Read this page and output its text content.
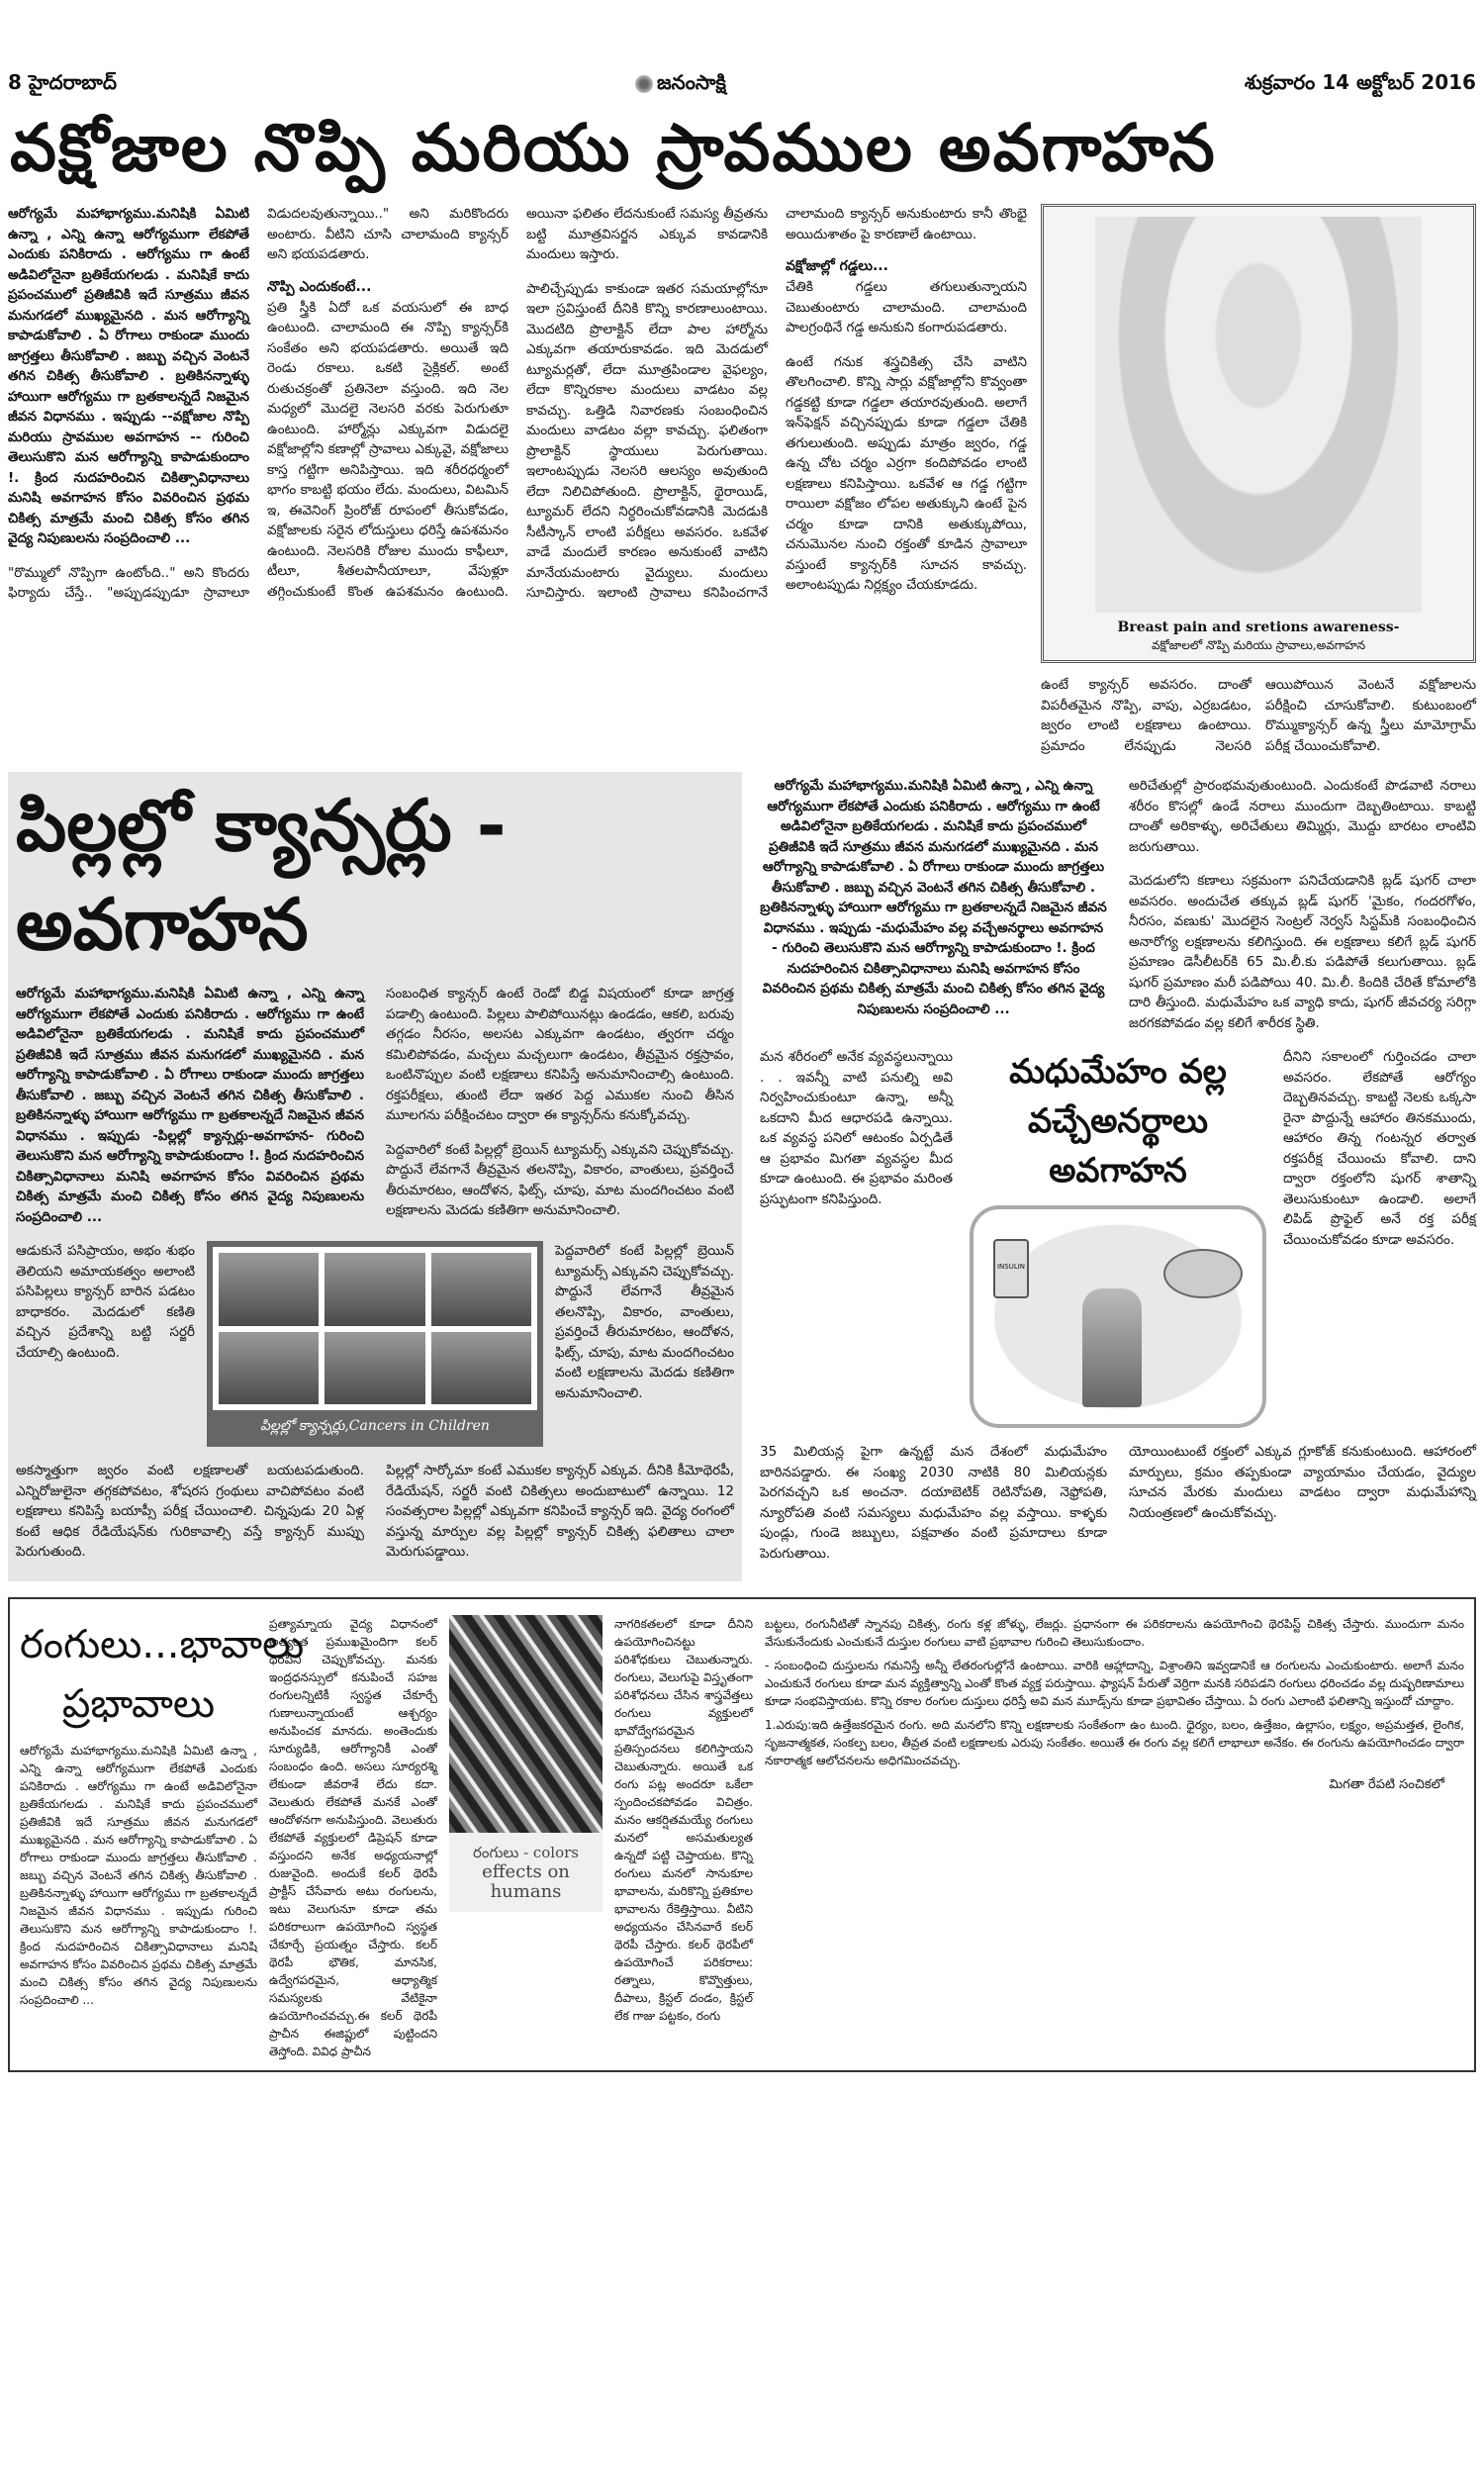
8 హైదరాబాద్	జనంసాక్షి	శుక్రవారం 14 అక్టోబర్ 2016
వక్షోజాల నొప్పి మరియు స్రావముల అవగాహన

ఆరోగ్యమే మహాభాగ్యము.మనిషికి ఏమిటి ఉన్నా , ఎన్ని ఉన్నా ఆరోగ్యముగా లేకపోతే ఎందుకు పనికిరాదు . ఆరోగ్యము గా ఉంటే అడివిలోనైనా బ్రతికేయగలడు . మనిషికే కాదు ప్రపంచములో ప్రతిజీవికి ఇదే సూత్రము జీవన మనుగడలో ముఖ్యమైనది . మన ఆరోగ్యాన్ని కాపాడుకోవాలి . ఏ రోగాలు రాకుండా ముందు జాగ్రత్తలు తీసుకోవాలి . జబ్బు వచ్చిన వెంటనే తగిన చికిత్స తీసుకోవాలి . బ్రతికినన్నాళ్ళు హాయిగా ఆరోగ్యము గా బ్రతకాలన్నదే నిజమైన జీవన విధానము . ఇప్పుడు --వక్షోజాల నొప్పి మరియు స్రావముల అవగాహన -- గురించి తెలుసుకొని మన ఆరోగ్యాన్ని కాపాడుకుందాం !. క్రింద నుదహరించిన చికిత్సావిధానాలు మనిషి అవగాహన కోసం వివరించిన ప్రథమ చికిత్స మాత్రమే మంచి చికిత్స కోసం తగిన వైద్య నిపుణులను సంప్రదించాలి ...

"రొమ్ములో నొప్పిగా ఉంటోంది.." అని కొందరు ఫిర్యాదు చేస్తే.. "అప్పుడప్పుడూ స్రావాలూ విడుదలవుతున్నాయి.." అని మరికొందరు అంటారు. వీటిని చూసి చాలామంది క్యాన్సర్ అని భయపడతారు.

నొప్పి ఎందుకంటే...

ప్రతి స్త్రీకి ఏదో ఒక వయసులో ఈ బాధ ఉంటుంది. చాలామంది ఈ నొప్పి క్యాన్సర్‌కి సంకేతం అని భయపడతారు. అయితే ఇది రెండు రకాలు. ఒకటి సైక్లికల్. అంటే రుతుచక్రంతో ప్రతినెలా వస్తుంది. ఇది నెల మధ్యలో మొదలై నెలసరి వరకు పెరుగుతూ ఉంటుంది. హార్మోన్లు ఎక్కువగా విడుదలై వక్షోజాల్లోని కణాల్లో స్రావాలు ఎక్కువై, వక్షోజాలు కాస్త గట్టిగా అనిపిస్తాయి. ఇది శరీరధర్మంలో భాగం కాబట్టి భయం లేదు. మందులు, విటమిన్ ఇ, ఈవెనింగ్ ప్రింరోజ్ రూపంలో తీసుకోవడం, వక్షోజాలకు సరైన లోదుస్తులు ధరిస్తే ఉపశమనం ఉంటుంది. నెలసరికి రోజుల ముందు కాఫీలూ, టీలూ, శీతలపానీయాలూ, వేపుళ్లూ తగ్గించుకుంటే కొంత ఉపశమనం ఉంటుంది. అయినా ఫలితం లేదనుకుంటే సమస్య తీవ్రతను బట్టి మూత్రవిసర్జన ఎక్కువ కావడానికి మందులు ఇస్తారు.

పాలిచ్చేప్పుడు కాకుండా ఇతర సమయాల్లోనూ ఇలా స్రవిస్తుంటే దీనికి కొన్ని కారణాలుంటాయి. మొదటిది ప్రొలాక్టిన్ లేదా పాల హార్మోను ఎక్కువగా తయారుకావడం. ఇది మెదడులో ట్యూమర్లతో, లేదా మూత్రపిండాల వైఫల్యం, లేదా కొన్నిరకాల మందులు వాడటం వల్ల కావచ్చు. ఒత్తిడి నివారణకు సంబంధించిన మందులు వాడటం వల్లా కావచ్చు. ఫలితంగా ప్రొలాక్టిన్ స్థాయులు పెరుగుతాయి. ఇలాంటప్పుడు నెలసరి ఆలస్యం అవుతుంది లేదా నిలిచిపోతుంది. ప్రొలాక్టిన్, థైరాయిడ్, ట్యూమర్ లేదని నిర్ధరించుకోవడానికి మెదడుకి సీటీస్కాన్ లాంటి పరీక్షలు అవసరం. ఒకవేళ వాడే మందులే కారణం అనుకుంటే వాటిని మానేయమంటారు వైద్యులు. మందులు సూచిస్తారు. ఇలాంటి స్రావాలు కనిపించగానే చాలామంది క్యాన్సర్ అనుకుంటారు కానీ తొంభై అయిదుశాతం పై కారణాలే ఉంటాయి.

వక్షోజాల్లో గడ్డలు...

చేతికి గడ్డలు తగులుతున్నాయని చెబుతుంటారు చాలామంది. చాలామంది పాలగ్రంథినే గడ్డ అనుకుని కంగారుపడతారు.

ఉంటే గనుక శస్త్రచికిత్స చేసి వాటిని తొలగించాలి. కొన్ని సార్లు వక్షోజాల్లోని కొవ్వంతా గడ్డకట్టి కూడా గడ్డలా తయారవుతుంది. అలాగే ఇన్‌ఫెక్షన్ వచ్చినప్పుడు కూడా గడ్డలా చేతికి తగులుతుంది. అప్పుడు మాత్రం జ్వరం, గడ్డ ఉన్న చోట చర్మం ఎర్రగా కందిపోవడం లాంటి లక్షణాలు కనిపిస్తాయి. ఒకవేళ ఆ గడ్డ గట్టిగా రాయిలా వక్షోజం లోపల అతుక్కుని ఉంటే పైన చర్మం కూడా దానికి అతుక్కుపోయి, చనుమొనల నుంచి రక్తంతో కూడిన స్రావాలూ వస్తుంటే క్యాన్సర్‌కి సూచన కావచ్చు. అలాంటప్పుడు నిర్లక్ష్యం చేయకూడదు.

Breast pain and sretions awareness-
వక్షోజాలలో నొప్పి మరియు స్రావాలు,అవగాహన

ఉంటే క్యాన్సర్‌ అవసరం. దాంతో విపరీతమైన నొప్పి, వాపు, ఎర్రబడటం, జ్వరం లాంటి లక్షణాలు ఉంటాయి. ప్రమాదం లేనప్పుడు నెలసరి ఆయిపోయిన వెంటనే వక్షోజాలను పరీక్షించి చూసుకోవాలి. కుటుంబంలో రొమ్ముక్యాన్సర్ ఉన్న స్త్రీలు మామోగ్రామ్ పరీక్ష చేయించుకోవాలి.

పిల్లల్లో క్యాన్సర్లు - అవగాహన

ఆరోగ్యమే మహాభాగ్యము.మనిషికి ఏమిటి ఉన్నా , ఎన్ని ఉన్నా ఆరోగ్యముగా లేకపోతే ఎందుకు పనికిరాదు . ఆరోగ్యము గా ఉంటే అడివిలోనైనా బ్రతికేయగలడు . మనిషికే కాదు ప్రపంచములో ప్రతిజీవికి ఇదే సూత్రము జీవన మనుగడలో ముఖ్యమైనది . మన ఆరోగ్యాన్ని కాపాడుకోవాలి . ఏ రోగాలు రాకుండా ముందు జాగ్రత్తలు తీసుకోవాలి . జబ్బు వచ్చిన వెంటనే తగిన చికిత్స తీసుకోవాలి . బ్రతికినన్నాళ్ళు హాయిగా ఆరోగ్యము గా బ్రతకాలన్నదే నిజమైన జీవన విధానము . ఇప్పుడు -పిల్లల్లో క్యాన్సర్లు-అవగాహన- గురించి తెలుసుకొని మన ఆరోగ్యాన్ని కాపాడుకుందాం !. క్రింద నుదహరించిన చికిత్సావిధానాలు మనిషి అవగాహన కోసం వివరించిన ప్రథమ చికిత్స మాత్రమే మంచి చికిత్స కోసం తగిన వైద్య నిపుణులను సంప్రదించాలి ...

సంబంధిత క్యాన్సర్ ఉంటే రెండో బిడ్డ విషయంలో కూడా జాగ్రత్త పడాల్సి ఉంటుంది. పిల్లలు పాలిపోయినట్లు ఉండడం, ఆకలి, బరువు తగ్గడం నీరసం, అలసట ఎక్కువగా ఉండటం, త్వరగా చర్మం కమిలిపోవడం, మచ్చలు మచ్చలుగా ఉండటం, తీవ్రమైన రక్తస్రావం, ఒంటినొప్పుల వంటి లక్షణాలు కనిపిస్తే అనుమానించాల్సి ఉంటుంది. రక్తపరీక్షలు, తుంటి లేదా ఇతర పెద్ద ఎముకల నుంచి తీసిన మూలగను పరీక్షించటం ద్వారా ఈ క్యాన్సర్‌ను కనుక్కోవచ్చు.

పెద్దవారిలో కంటే పిల్లల్లో బ్రెయిన్ ట్యూమర్స్ ఎక్కువని చెప్పుకోవచ్చు. పొద్దునే లేవగానే తీవ్రమైన తలనొప్పి, వికారం, వాంతులు, ప్రవర్తించే తీరుమారటం, ఆందోళన, ఫిట్స్, చూపు, మాట మందగించటం వంటి లక్షణాలను మెదడు కణితిగా అనుమానించాలి.

ఆడుకునే పసిప్రాయం, అభం శుభం తెలియని అమాయకత్వం అలాంటి పసిపిల్లలు క్యాన్సర్ బారిన పడటం బాధాకరం. మెదడులో కణితి వచ్చిన ప్రదేశాన్ని బట్టి సర్జరీ చేయాల్సి ఉంటుంది.

పిల్లల్లో క్యాన్సర్లు,Cancers in Children

పెద్దవారిలో కంటే పిల్లల్లో బ్రెయిన్ ట్యూమర్స్ ఎక్కువని చెప్పుకోవచ్చు. పొద్దునే లేవగానే తీవ్రమైన తలనొప్పి, వికారం, వాంతులు, ప్రవర్తించే తీరుమారటం, ఆందోళన, ఫిట్స్, చూపు, మాట మందగించటం వంటి లక్షణాలను మెదడు కణితిగా అనుమానించాలి.

అకస్మాత్తుగా జ్వరం వంటి లక్షణాలతో బయటపడుతుంది. ఎన్నిరోజులైనా తగ్గకపోవటం, శోషరస గ్రంథులు వాచిపోవటం వంటి లక్షణాలు కనిపిస్తే బయాప్సీ పరీక్ష చేయించాలి. చిన్నపుడు 20 ఏళ్ల కంటే ఆధిక రేడియేషన్‌కు గురికావాల్సి వస్తే క్యాన్సర్ ముప్పు పెరుగుతుంది.

పిల్లల్లో సార్కోమా కంటే ఎముకల క్యాన్సర్ ఎక్కువ. దీనికి కీమోథెరపీ, రేడియేషన్, సర్జరీ వంటి చికిత్సలు అందుబాటులో ఉన్నాయి. 12 సంవత్సరాల పిల్లల్లో ఎక్కువగా కనిపించే క్యాన్సర్ ఇది. వైద్య రంగంలో వస్తున్న మార్పుల వల్ల పిల్లల్లో క్యాన్సర్ చికిత్స ఫలితాలు చాలా మెరుగుపడ్డాయి.

ఆరోగ్యమే మహాభాగ్యము.మనిషికి ఏమిటి ఉన్నా , ఎన్ని ఉన్నా ఆరోగ్యముగా లేకపోతే ఎందుకు పనికిరాదు . ఆరోగ్యము గా ఉంటే అడివిలోనైనా బ్రతికేయగలడు . మనిషికే కాదు ప్రపంచములో ప్రతిజీవికి ఇదే సూత్రము జీవన మనుగడలో ముఖ్యమైనది . మన ఆరోగ్యాన్ని కాపాడుకోవాలి . ఏ రోగాలు రాకుండా ముందు జాగ్రత్తలు తీసుకోవాలి . జబ్బు వచ్చిన వెంటనే తగిన చికిత్స తీసుకోవాలి . బ్రతికినన్నాళ్ళు హాయిగా ఆరోగ్యము గా బ్రతకాలన్నదే నిజమైన జీవన విధానము . ఇప్పుడు -మధుమేహం వల్ల వచ్చేఅనర్థాలు అవగాహన - గురించి తెలుసుకొని మన ఆరోగ్యాన్ని కాపాడుకుందాం !. క్రింద నుదహరించిన చికిత్సావిధానాలు మనిషి అవగాహన కోసం వివరించిన ప్రథమ చికిత్స మాత్రమే మంచి చికిత్స కోసం తగిన వైద్య నిపుణులను సంప్రదించాలి ...

అరిచేతుల్లో ప్రారంభమవుతుంటుంది. ఎందుకంటే పొడవాటి నరాలు శరీరం కొసల్లో ఉండే నరాలు ముందుగా దెబ్బతింటాయి. కాబట్టి దాంతో అరికాళ్ళు, అరిచేతులు తిమ్మిర్లు, మొద్దు బారటం లాంటివి జరుగుతాయి.

మెదడులోని కణాలు సక్రమంగా పనిచేయడానికి బ్లడ్ షుగర్ చాలా అవసరం. అందుచేత తక్కువ బ్లడ్ షుగర్ 'మైకం, గందరగోళం, నీరసం, వణుకు' మొదలైన సెంట్రల్ నెర్వస్ సిస్టమ్‌కి సంబంధించిన అనారోగ్య లక్షణాలను కలిగిస్తుంది. ఈ లక్షణాలు కలిగే బ్లడ్ షుగర్ ప్రమాణం డెసీలీటర్‌కి 65 మి.లీ.కు పడిపోతే కలుగుతాయి. బ్లడ్ షుగర్ ప్రమాణం మరీ పడిపోయి 40. మి.లీ. కిందికి చేరితే కోమాలోకి దారి తీస్తుంది. మధుమేహం ఒక వ్యాధి కాదు, షుగర్ జీవచర్య సరిగ్గా జరగకపోవడం వల్ల కలిగే శారీరక స్థితి.

మన శరీరంలో అనేక వ్యవస్థలున్నాయి . . ఇవన్నీ వాటి పనుల్ని అవి నిర్వహించుకుంటూ ఉన్నా, అన్నీ ఒకదాని మీద ఆధారపడి ఉన్నాయి. ఒక వ్యవస్థ పనిలో ఆటంకం ఏర్పడితే ఆ ప్రభావం మిగతా వ్యవస్థల మీద కూడా ఉంటుంది. ఈ ప్రభావం మరింత ప్రస్ఫుటంగా కనిపిస్తుంది.

మధుమేహం వల్ల వచ్చేఅనర్థాలు అవగాహన
INSULIN

దీనిని సకాలంలో గుర్తించడం చాలా అవసరం. లేకపోతే ఆరోగ్యం దెబ్బతినవచ్చు. కాబట్టి నెలకు ఒక్కసా రైనా పొద్దున్నే ఆహారం తినకముందు, ఆహారం తిన్న గంటన్నర తర్వాత రక్తపరీక్ష చేయించు కోవాలి. దాని ద్వారా రక్తంలోని షుగర్ శాతాన్ని తెలుసుకుంటూ ఉండాలి. అలాగే లిపిడ్ ప్రొఫైల్ అనే రక్త పరీక్ష చేయించుకోవడం కూడా అవసరం.

35 మిలియన్ల పైగా ఉన్నట్టే మన దేశంలో మధుమేహం బారినపడ్డారు. ఈ సంఖ్య 2030 నాటికి 80 మిలియన్లకు పెరగవచ్చని ఒక అంచనా. దయాబెటిక్ రెటినోపతి, నెఫ్రోపతి, న్యూరోపతి వంటి సమస్యలు మధుమేహం వల్ల వస్తాయి. కాళ్ళకు పుండ్లు, గుండె జబ్బులు, పక్షవాతం వంటి ప్రమాదాలు కూడా పెరుగుతాయి.

యోయింటుంటే రక్తంలో ఎక్కువ గ్లూకోజ్ కనుకుంటుంది. ఆహారంలో మార్పులు, క్రమం తప్పకుండా వ్యాయామం చేయడం, వైద్యుల సూచన మేరకు మందులు వాడటం ద్వారా మధుమేహాన్ని నియంత్రణలో ఉంచుకోవచ్చు.

రంగులు...భావాలు ప్రభావాలు

ఆరోగ్యమే మహాభాగ్యము.మనిషికి ఏమిటి ఉన్నా , ఎన్ని ఉన్నా ఆరోగ్యముగా లేకపోతే ఎందుకు పనికిరాదు . ఆరోగ్యము గా ఉంటే అడివిలోనైనా బ్రతికేయగలడు . మనిషికే కాదు ప్రపంచములో ప్రతిజీవికి ఇదే సూత్రము జీవన మనుగడలో ముఖ్యమైనది . మన ఆరోగ్యాన్ని కాపాడుకోవాలి . ఏ రోగాలు రాకుండా ముందు జాగ్రత్తలు తీసుకోవాలి . జబ్బు వచ్చిన వెంటనే తగిన చికిత్స తీసుకోవాలి . బ్రతికినన్నాళ్ళు హాయిగా ఆరోగ్యము గా బ్రతకాలన్నదే నిజమైన జీవన విధానము . ఇప్పుడు గురించి తెలుసుకొని మన ఆరోగ్యాన్ని కాపాడుకుందాం !. క్రింద నుదహరించిన చికిత్సావిధానాలు మనిషి అవగాహన కోసం వివరించిన ప్రథమ చికిత్స మాత్రమే మంచి చికిత్స కోసం తగిన వైద్య నిపుణులను సంప్రదించాలి ...

ప్రత్యామ్నాయ వైద్య విధానంలో అత్యంత ప్రముఖమైందిగా కలర్ థెరపీని చెప్పుకోవచ్చు. మనకు ఇంద్రధనస్సులో కనుపించే సహజ రంగులన్నిటికీ స్వస్థత చేకూర్చే గుణాలున్నాయంటే ఆశ్చర్యం అనుపించక మానదు. అంతెందుకు సూర్యుడికి, ఆరోగ్యానికీ ఎంతో సంబంధం ఉంది. అసలు సూర్యరశ్మి లేకుండా జీవరాశే లేదు కదా. వెలుతురు లేకపోతే మనకే ఎంతో ఆందోళనగా అనుపిస్తుంది. వెలుతురు లేకపోతే వ్యక్తులలో డిప్రెషన్ కూడా వస్తుందని అనేక అధ్యయనాల్లో రుజువైంది. అందుకే కలర్ థెరపీ ప్రాక్టీస్ చేసేవారు అటు రంగులను, ఇటు వెలుగునూ కూడా తమ పరికరాలుగా ఉపయోగించి స్వస్థత చేకూర్చే ప్రయత్నం చేస్తారు. కలర్ థెరపీ భౌతిక, మానసిక, ఉద్వేగపరమైన, ఆధ్యాత్మిక సమస్యలకు వేటికైనా ఉపయోగించవచ్చు.ఈ కలర్ థెరపీ ప్రాచీన ఈజిప్టులో పుట్టిందని తెస్తోంది. వివిధ ప్రాచీన

రంగులు - colors
effects on humans

నాగరికతలలో కూడా దీనిని ఉపయోగించినట్టు పరిశోధకులు చెబుతున్నారు. రంగులు, వెలుగుపై విస్తృతంగా పరిశోధనలు చేసిన శాస్త్రవేత్తలు రంగులు వ్యక్తులలో భావోద్వేగపరమైన ప్రతిస్పందనలు కలిగిస్తాయని చెబుతున్నారు. అయితే ఒక రంగు పట్ల అందరూ ఒకేలా స్పందించకపోవడం విచిత్రం. మనం ఆకర్షితమయ్యే రంగులు మనలో అసమతుల్యత ఉన్నదో పట్టి చెప్తాయట. కొన్ని రంగులు మనలో సానుకూల భావాలను, మరికొన్ని ప్రతికూల భావాలను రేకెత్తిస్తాయి. వీటిని అధ్యయనం చేసినవారే కలర్ థెరపీ చేస్తారు. కలర్ థెరపీలో ఉపయోగించే పరికరాలు: రత్నాలు, కొవ్వొత్తులు, దీపాలు, క్రిస్టల్ దండం, క్రిస్టల్ లేక గాజు పట్టకం, రంగు

బట్టలు, రంగునీటితో స్నానపు చికిత్స, రంగు కళ్ల జోళ్ళు, లేజర్లు. ప్రధానంగా ఈ పరికరాలను ఉపయోగించి థెరపిస్ట్ చికిత్స చేస్తారు. ముందుగా మనం వేసుకునేందుకు ఎంచుకునే దుస్తుల రంగులు వాటి ప్రభావాల గురించి తెలుసుకుందాం.

- సంబంధించి దుస్తులను గమనిస్తే అన్నీ లేతరంగుల్లోనే ఉంటాయి. వారికి ఆహ్లాదాన్ని, విశ్రాంతిని ఇవ్వడానికే ఆ రంగులను ఎంచుకుంటారు. అలాగే మనం ఎంచుకునే రంగులు కూడా మన వ్యక్తిత్వాన్ని ఎంతో కొంత వ్యక్త పరుస్తాయి. ఫ్యాషన్ పేరుతో వెర్రిగా మనకి సరిపడని రంగులు ధరించడం వల్ల దుష్పరిణామాలు కూడా సంభవిస్తాయట. కొన్ని రకాల రంగుల దుస్తులు ధరిస్తే అవి మన మూడ్స్‌ను కూడా ప్రభావితం చేస్తాయి. ఏ రంగు ఎలాంటి ఫలితాన్ని ఇస్తుందో చూద్దాం.

1.ఎరుపు:ఇది ఉత్తేజకరమైన రంగు. అది మనలోని కొన్ని లక్షణాలకు సంకేతంగా ఉం టుంది. ధైర్యం, బలం, ఉత్తేజం, ఉల్లాసం, లక్ష్యం, అప్రమత్తత, లైంగిక, సృజనాత్మకత, సంకల్ప బలం, తీవ్రత వంటి లక్షణాలకు ఎరుపు సంకేతం. అయితే ఈ రంగు వల్ల కలిగే లాభాలూ అనేకం. ఈ రంగును ఉపయోగించడం ద్వారా నకారాత్మక ఆలోచనలను అధిగమించవచ్చు.

మిగతా రేపటి సంచికలో
